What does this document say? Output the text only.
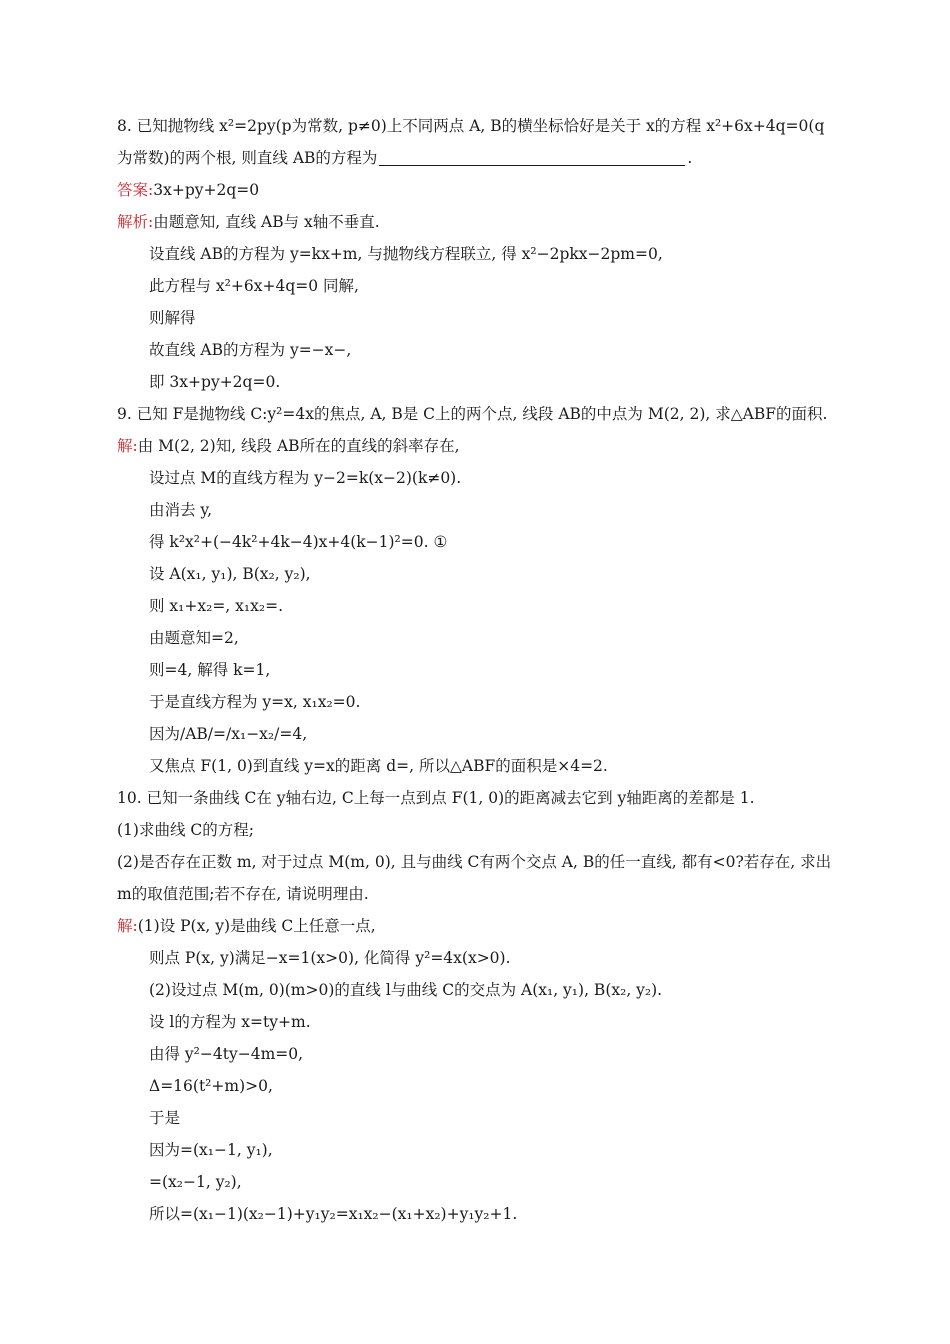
8. 已知抛物线 x²=2py(p为常数, p≠0)上不同两点 A, B的横坐标恰好是关于 x的方程 x²+6x+4q=0(q
为常数)的两个根, 则直线 AB的方程为	.
答案:3x+py+2q=0
解析:由题意知, 直线 AB与 x轴不垂直.
设直线 AB的方程为 y=kx+m, 与抛物线方程联立, 得 x²−2pkx−2pm=0,
此方程与 x²+6x+4q=0 同解,
则解得
故直线 AB的方程为 y=−x−,
即 3x+py+2q=0.
9. 已知 F是抛物线 C:y²=4x的焦点, A, B是 C上的两个点, 线段 AB的中点为 M(2, 2), 求△ABF的面积.
解:由 M(2, 2)知, 线段 AB所在的直线的斜率存在,
设过点 M的直线方程为 y−2=k(x−2)(k≠0).
由消去 y,
得 k²x²+(−4k²+4k−4)x+4(k−1)²=0. ①
设 A(x₁, y₁), B(x₂, y₂),
则 x₁+x₂=, x₁x₂=.
由题意知=2,
则=4, 解得 k=1,
于是直线方程为 y=x, x₁x₂=0.
因为/AB/=/x₁−x₂/=4,
又焦点 F(1, 0)到直线 y=x的距离 d=, 所以△ABF的面积是×4=2.
10. 已知一条曲线 C在 y轴右边, C上每一点到点 F(1, 0)的距离减去它到 y轴距离的差都是 1.
(1)求曲线 C的方程;
(2)是否存在正数 m, 对于过点 M(m, 0), 且与曲线 C有两个交点 A, B的任一直线, 都有<0?若存在, 求出
m的取值范围;若不存在, 请说明理由.
解:(1)设 P(x, y)是曲线 C上任意一点,
则点 P(x, y)满足−x=1(x>0), 化简得 y²=4x(x>0).
(2)设过点 M(m, 0)(m>0)的直线 l与曲线 C的交点为 A(x₁, y₁), B(x₂, y₂).
设 l的方程为 x=ty+m.
由得 y²−4ty−4m=0,
Δ=16(t²+m)>0,
于是
因为=(x₁−1, y₁),
=(x₂−1, y₂),
所以=(x₁−1)(x₂−1)+y₁y₂=x₁x₂−(x₁+x₂)+y₁y₂+1.
